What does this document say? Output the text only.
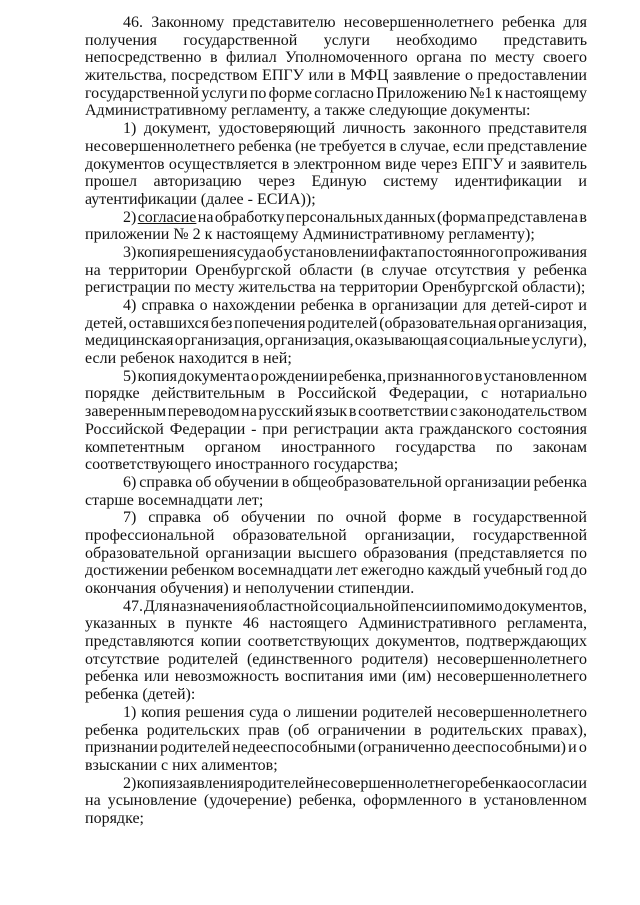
46. Законному представителю несовершеннолетнего ребенка для
получения государственной услуги необходимо представить
непосредственно в филиал Уполномоченного органа по месту своего
жительства, посредством ЕПГУ или в МФЦ заявление о предоставлении
государственной услуги по форме согласно Приложению №1 к настоящему
Административному регламенту, а также следующие документы:
1) документ, удостоверяющий личность законного представителя
несовершеннолетнего ребенка (не требуется в случае, если представление
документов осуществляется в электронном виде через ЕПГУ и заявитель
прошел авторизацию через Единую систему идентификации и
аутентификации (далее - ЕСИА));
2) согласие на обработку персональных данных (форма представлена в
приложении № 2 к настоящему Административному регламенту);
3) копия решения суда об установлении факта постоянного проживания
на территории Оренбургской области (в случае отсутствия у ребенка
регистрации по месту жительства на территории Оренбургской области);
4) справка о нахождении ребенка в организации для детей-сирот и
детей, оставшихся без попечения родителей (образовательная организация,
медицинская организация, организация, оказывающая социальные услуги),
если ребенок находится в ней;
5) копия документа о рождении ребенка, признанного в установленном
порядке действительным в Российской Федерации, с нотариально
заверенным переводом на русский язык в соответствии с законодательством
Российской Федерации - при регистрации акта гражданского состояния
компетентным органом иностранного государства по законам
соответствующего иностранного государства;
6) справка об обучении в общеобразовательной организации ребенка
старше восемнадцати лет;
7) справка об обучении по очной форме в государственной
профессиональной образовательной организации, государственной
образовательной организации высшего образования (представляется по
достижении ребенком восемнадцати лет ежегодно каждый учебный год до
окончания обучения) и неполучении стипендии.
47. Для назначения областной социальной пенсии помимо документов,
указанных в пункте 46 настоящего Административного регламента,
представляются копии соответствующих документов, подтверждающих
отсутствие родителей (единственного родителя) несовершеннолетнего
ребенка или невозможность воспитания ими (им) несовершеннолетнего
ребенка (детей):
1) копия решения суда о лишении родителей несовершеннолетнего
ребенка родительских прав (об ограничении в родительских правах),
признании родителей недееспособными (ограниченно дееспособными) и о
взыскании с них алиментов;
2) копия заявления родителей несовершеннолетнего ребенка о согласии
на усыновление (удочерение) ребенка, оформленного в установленном
порядке;
